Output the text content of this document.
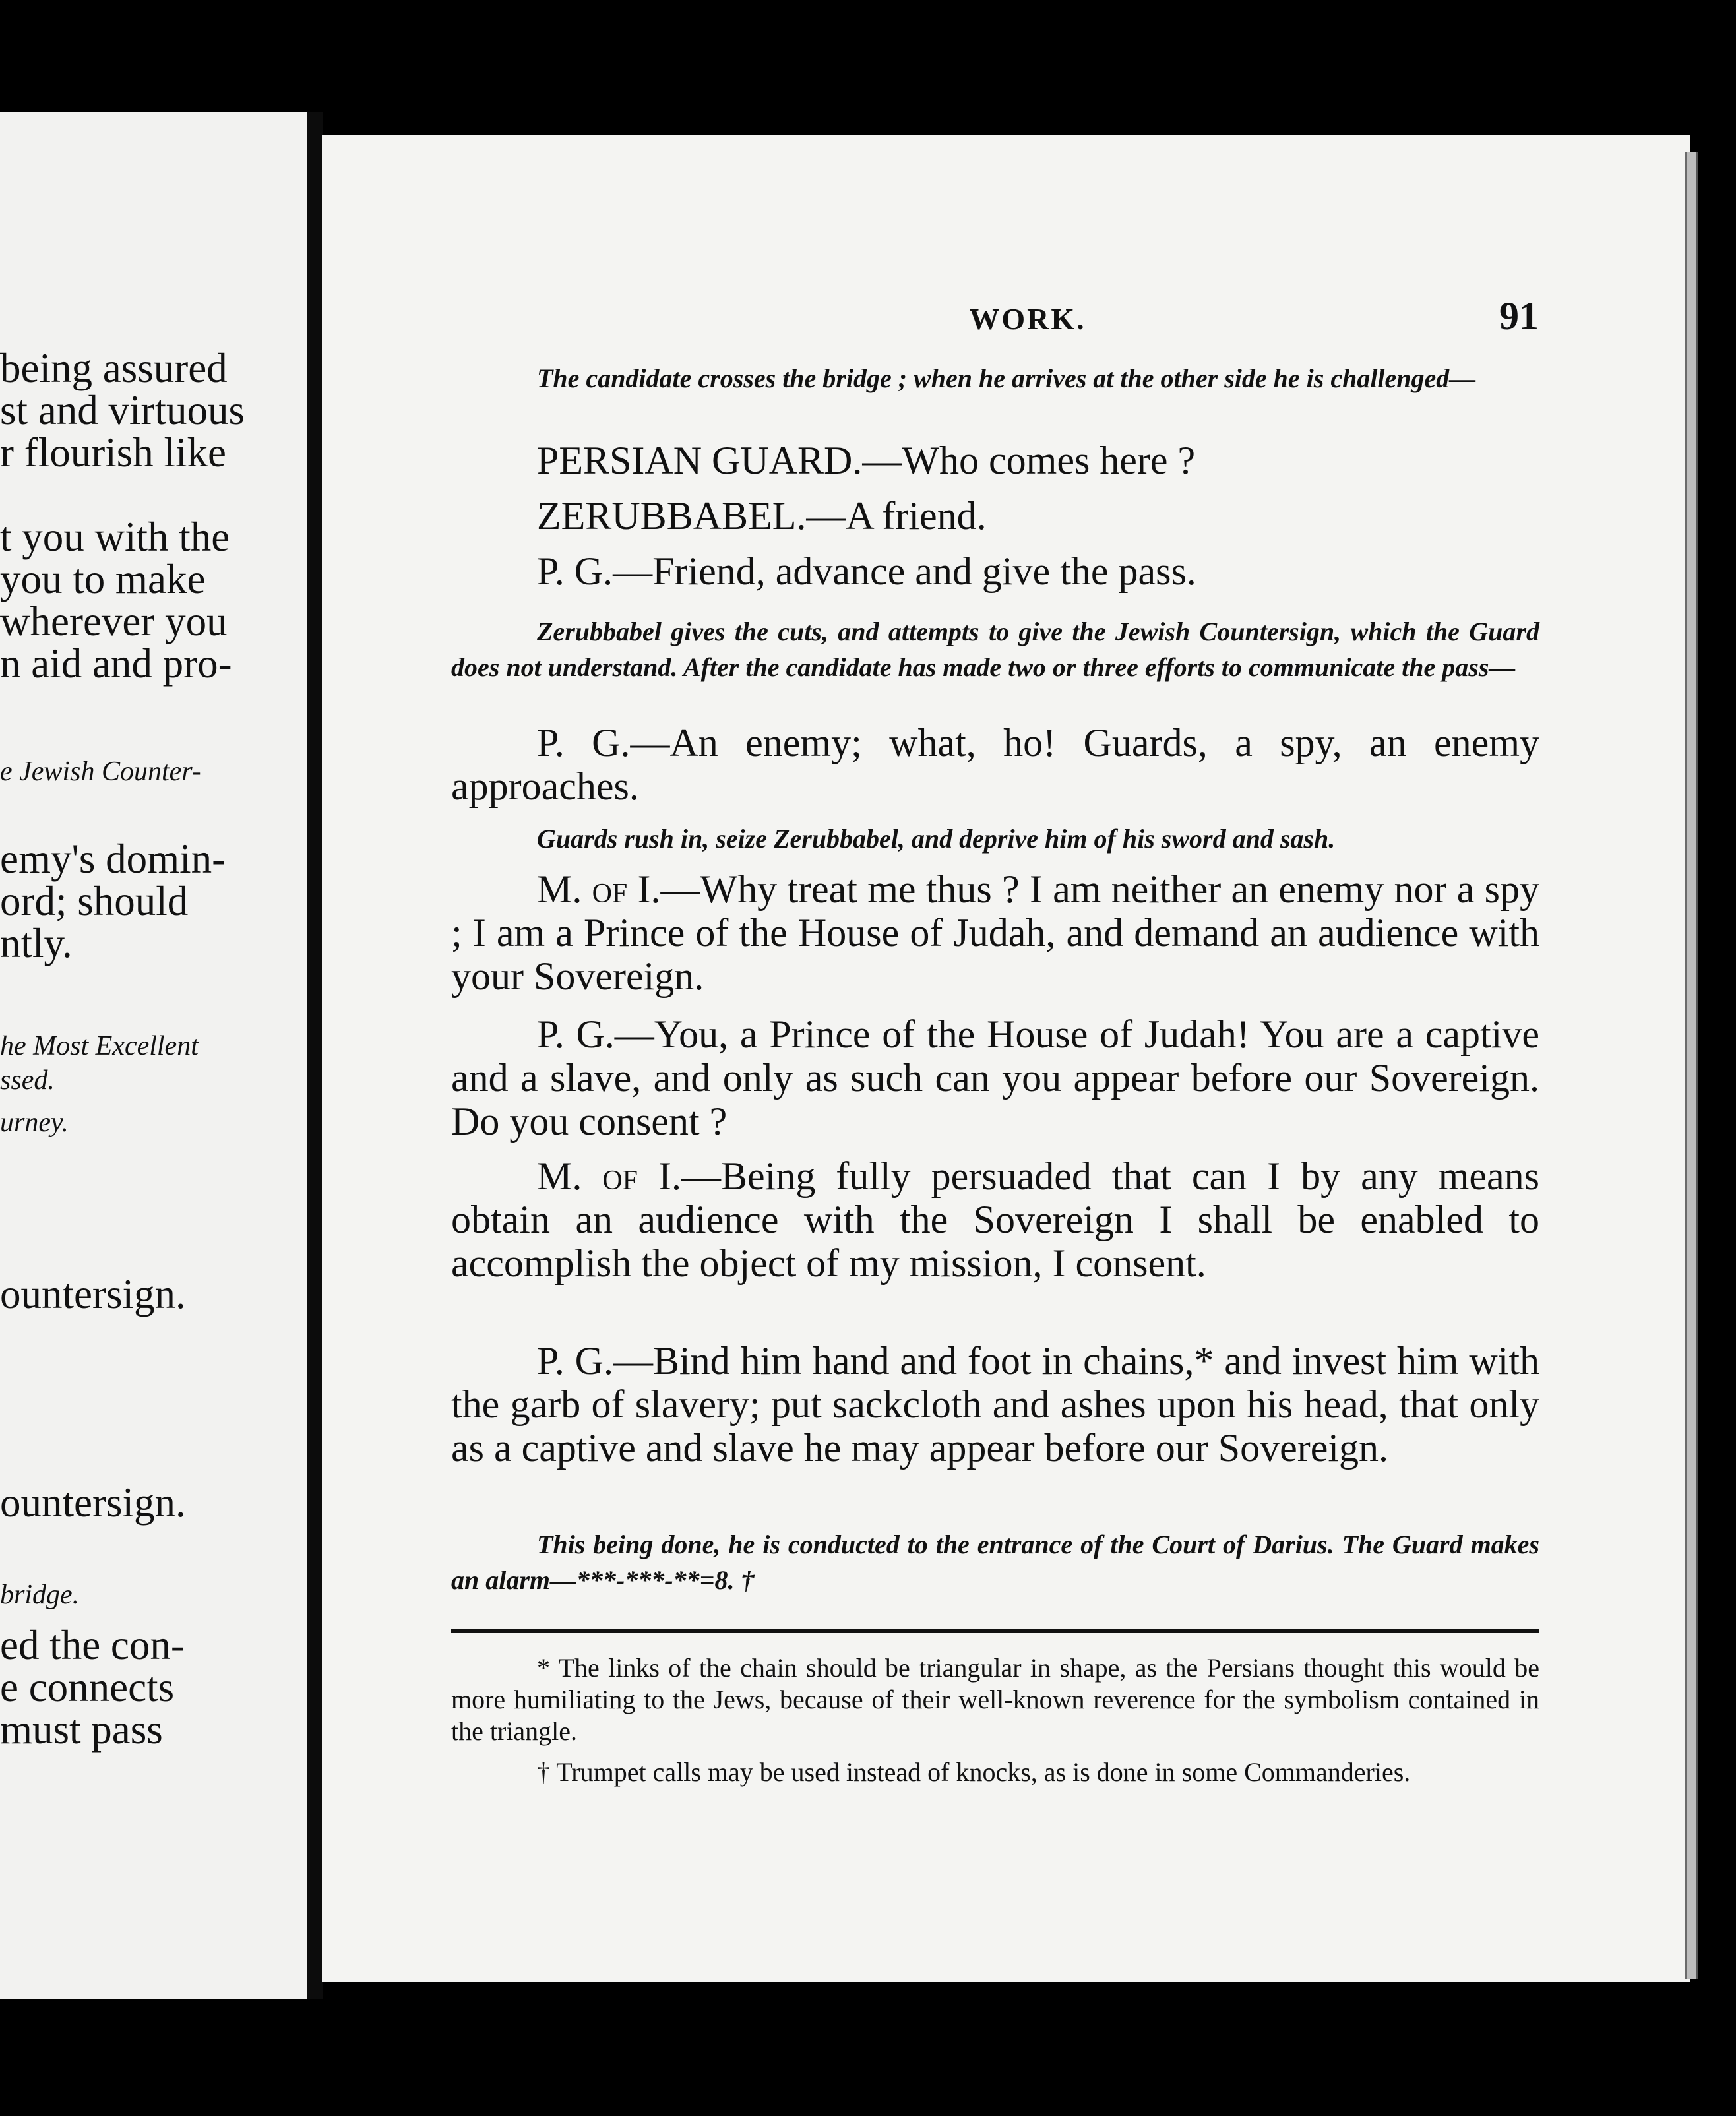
being assured
st and virtuous
r flourish like
t you with the
you to make
wherever you
n aid and pro-
e Jewish Counter-
emy's domin-
ord; should
ntly.
he Most Excellent
ssed.
urney.
ountersign.
ountersign.
bridge.
ed the con-
e connects
must pass
WORK.	91
The candidate crosses the bridge ; when he arrives at the other side he is challenged—
PERSIAN GUARD.—Who comes here ?
ZERUBBABEL.—A friend.
P. G.—Friend, advance and give the pass.
Zerubbabel gives the cuts, and attempts to give the Jewish Countersign, which the Guard does not understand. After the candidate has made two or three efforts to communicate the pass—
P. G.—An enemy; what, ho! Guards, a spy, an enemy approaches.
Guards rush in, seize Zerubbabel, and deprive him of his sword and sash.
M. of I.—Why treat me thus ? I am neither an enemy nor a spy ; I am a Prince of the House of Judah, and demand an audience with your Sovereign.
P. G.—You, a Prince of the House of Judah! You are a captive and a slave, and only as such can you appear before our Sovereign. Do you consent ?
M. of I.—Being fully persuaded that can I by any means obtain an audience with the Sovereign I shall be enabled to accomplish the object of my mission, I consent.
P. G.—Bind him hand and foot in chains,* and invest him with the garb of slavery; put sackcloth and ashes upon his head, that only as a captive and slave he may appear before our Sovereign.
This being done, he is conducted to the entrance of the Court of Darius. The Guard makes an alarm—***-***-**=8. †
* The links of the chain should be triangular in shape, as the Persians thought this would be more humiliating to the Jews, because of their well-known reverence for the symbolism contained in the triangle.
† Trumpet calls may be used instead of knocks, as is done in some Commanderies.
